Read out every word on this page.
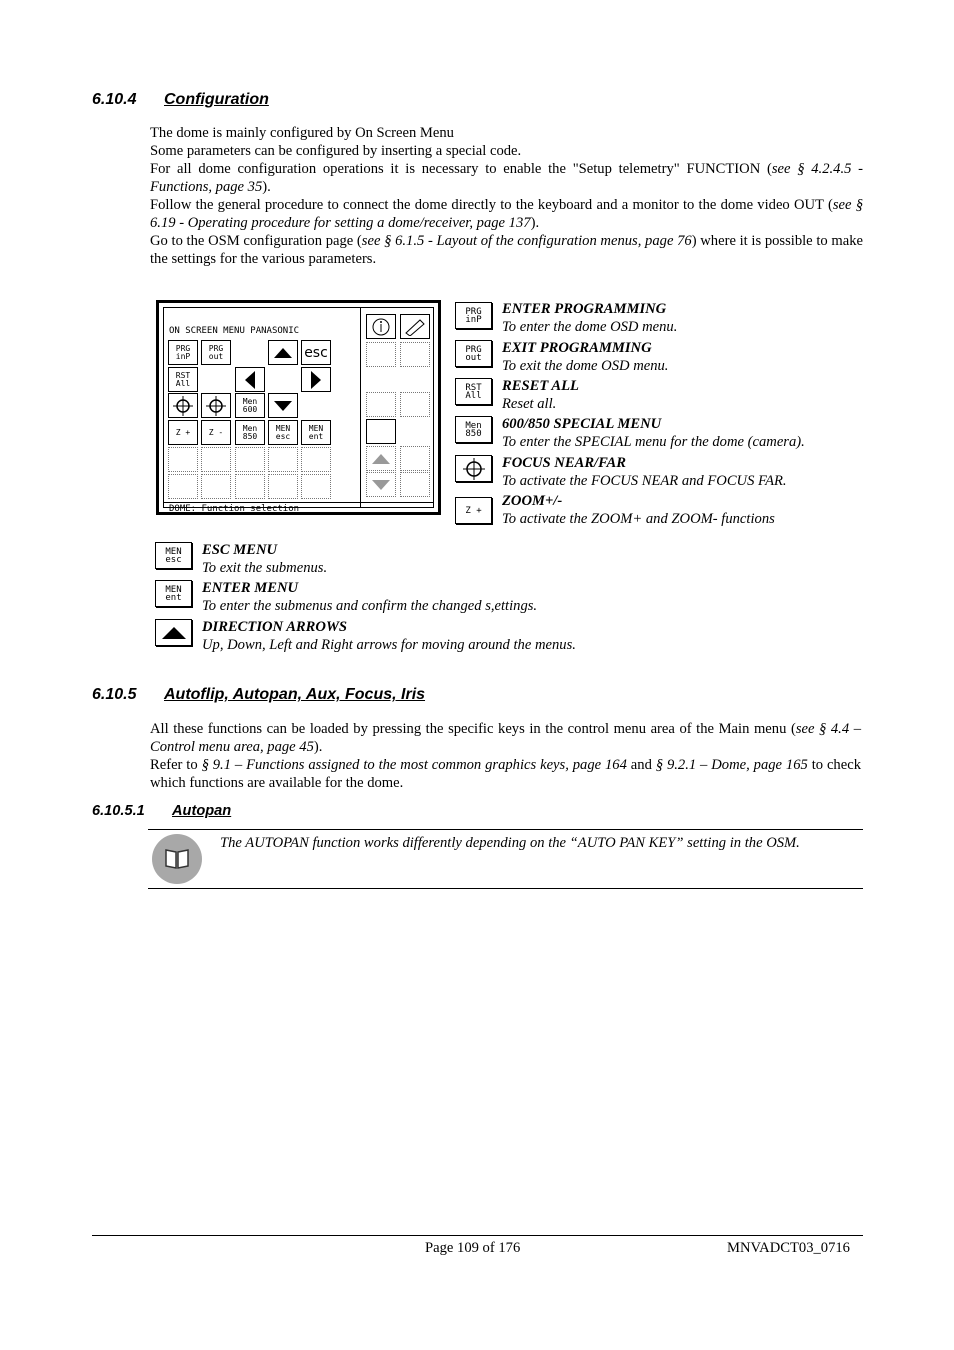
6.10.4 Configuration
The dome is mainly configured by On Screen Menu
Some parameters can be configured by inserting a special code.
For all dome configuration operations it is necessary to enable the "Setup telemetry" FUNCTION (see § 4.2.4.5 - Functions, page 35).
Follow the general procedure to connect the dome directly to the keyboard and a monitor to the dome video OUT (see § 6.19 - Operating procedure for setting a dome/receiver, page 137).
Go to the OSM configuration page (see § 6.1.5 - Layout of the configuration menus, page 76) where it is possible to make the settings for the various parameters.
ON SCREEN MENU PANASONIC
PRG
inP
PRG
out	esc
RST
All
Men
600
Z +	Z -	Men
850
MEN
esc
MEN
ent
DOME: Function selection
PRG
inP
ENTER PROGRAMMING
To enter the dome OSD menu.
PRG
out
EXIT PROGRAMMING
To exit the dome OSD menu.
RST
All
RESET ALL
Reset all.
Men
850
600/850 SPECIAL MENU
To enter the SPECIAL menu for the dome (camera).
FOCUS NEAR/FAR
To activate the FOCUS NEAR and FOCUS FAR.
Z +
ZOOM+/-
To activate the ZOOM+ and ZOOM- functions
MEN
esc
ESC MENU
To exit the submenus.
MEN
ent
ENTER MENU
To enter the submenus and confirm the changed s,ettings.
DIRECTION ARROWS
Up, Down, Left and Right arrows for moving around the menus.
6.10.5 Autoflip, Autopan, Aux, Focus, Iris
All these functions can be loaded by pressing the specific keys in the control menu area of the Main menu (see § 4.4 – Control menu area, page 45).
Refer to § 9.1 – Functions assigned to the most common graphics keys, page 164 and § 9.2.1 – Dome, page 165 to check which functions are available for the dome.
6.10.5.1 Autopan
The AUTOPAN function works differently depending on the “AUTO PAN KEY” setting in the OSM.
Page 109 of 176	MNVADCT03_0716
